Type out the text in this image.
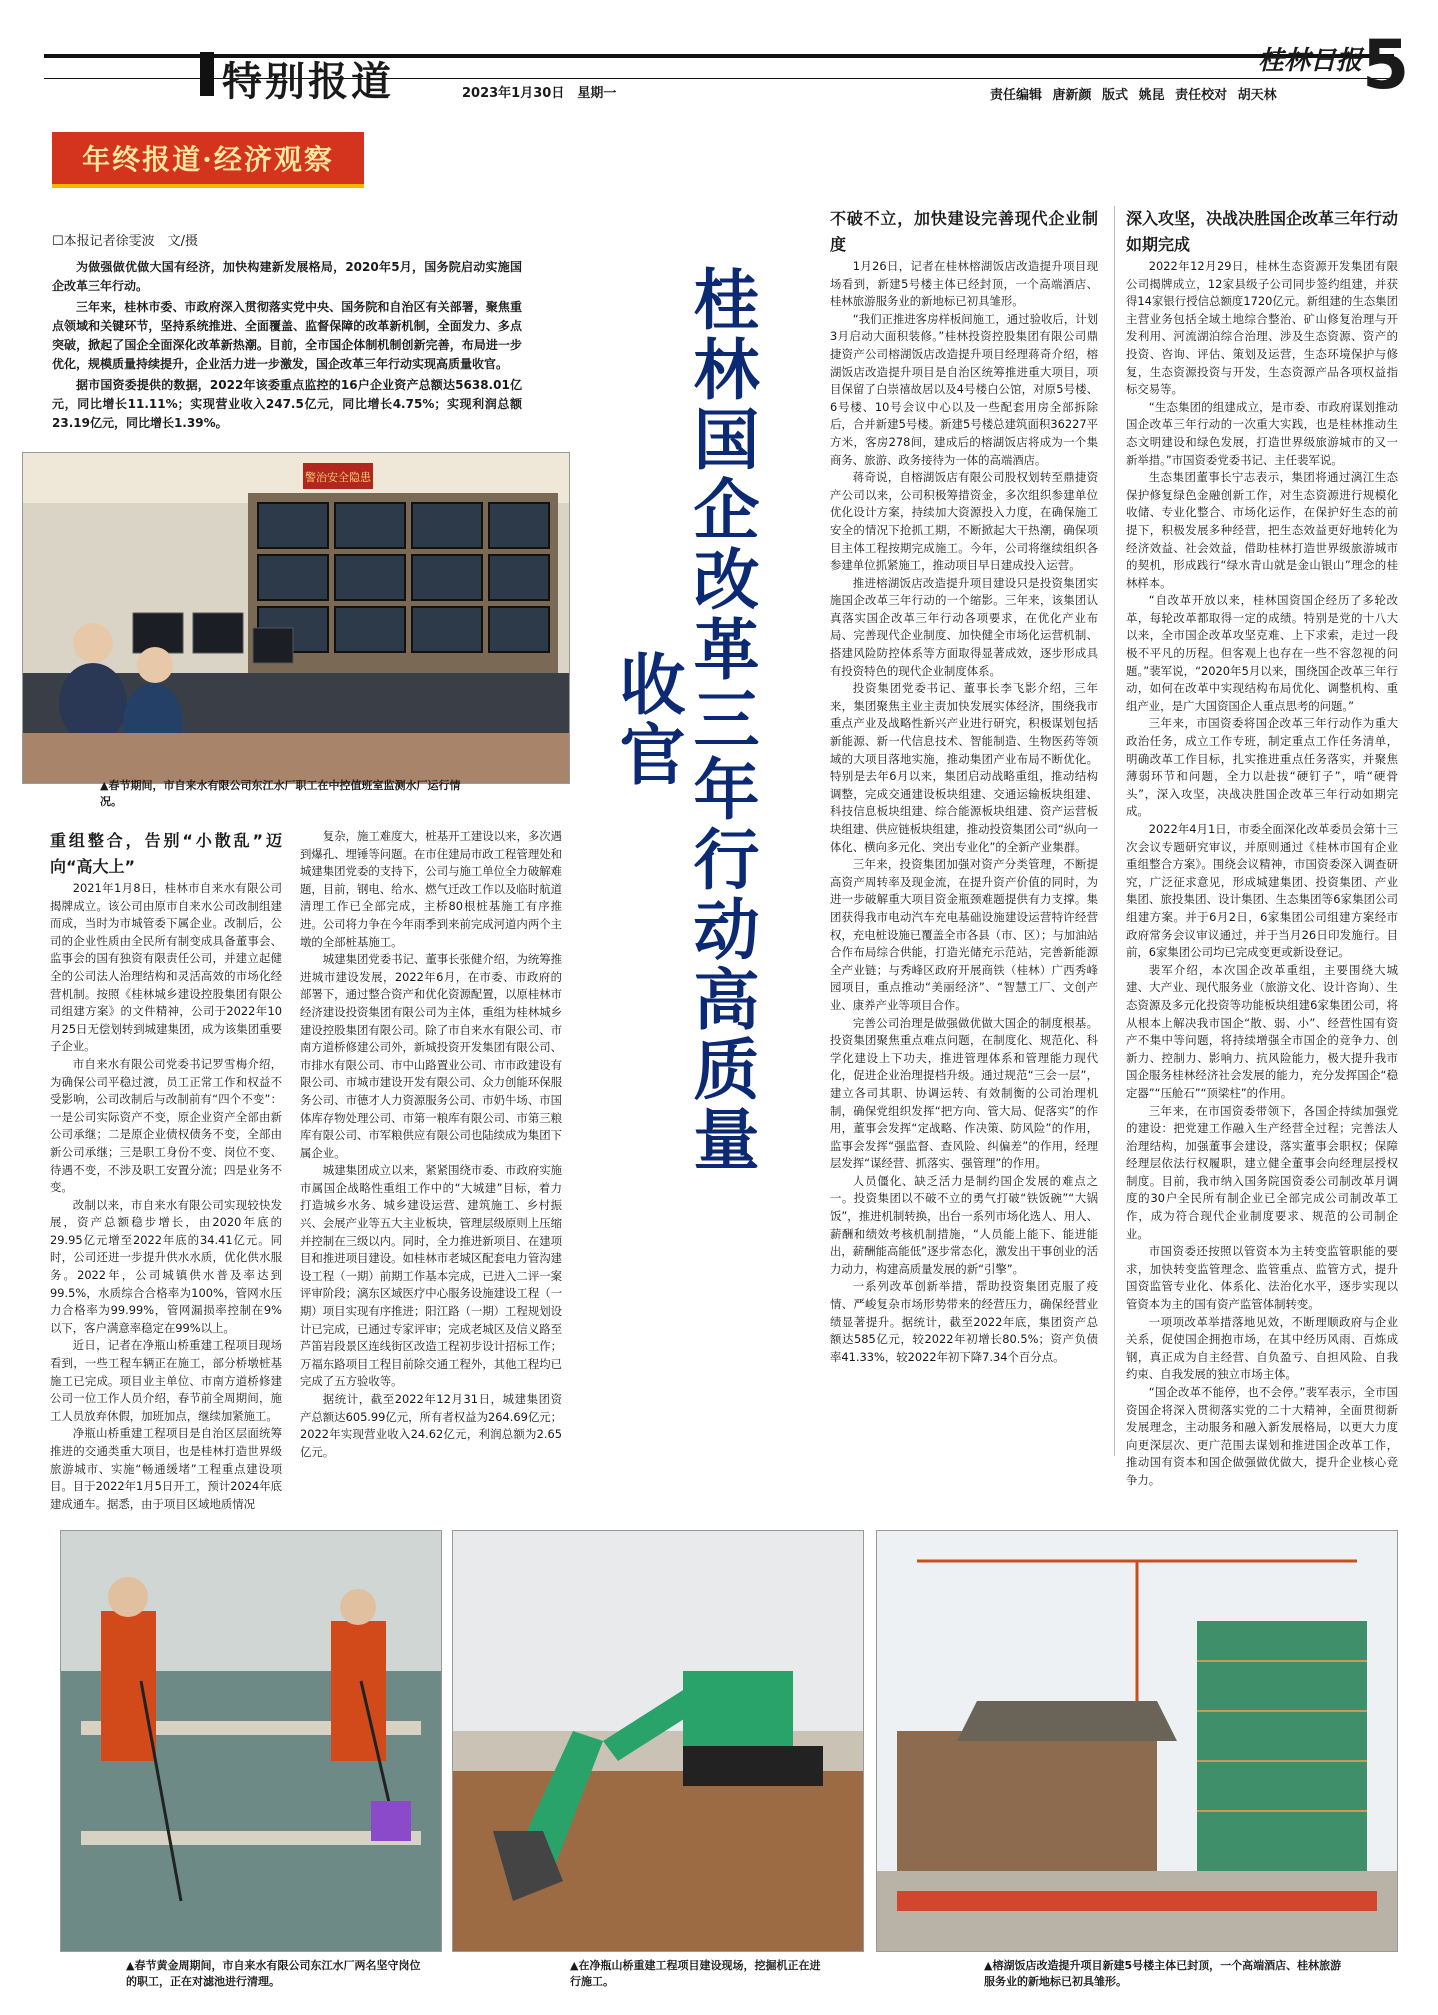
特别报道	2023年1月30日　星期一
桂林日报 5
责任编辑 唐新颜 版式 姚昆 责任校对 胡天林
年终报道·经济观察
☐本报记者徐雯波　文/摄

为做强做优做大国有经济，加快构建新发展格局，2020年5月，国务院启动实施国企改革三年行动。

三年来，桂林市委、市政府深入贯彻落实党中央、国务院和自治区有关部署，聚焦重点领域和关键环节，坚持系统推进、全面覆盖、监督保障的改革新机制，全面发力、多点突破，掀起了国企全面深化改革新热潮。目前，全市国企体制机制创新完善，布局进一步优化，规模质量持续提升，企业活力进一步激发，国企改革三年行动实现高质量收官。

据市国资委提供的数据，2022年该委重点监控的16户企业资产总额达5638.01亿元，同比增长11.11%；实现营业收入247.5亿元，同比增长4.75%；实现利润总额23.19亿元，同比增长1.39%。

警治安全隐患
▲春节期间，市自来水有限公司东江水厂职工在中控值班室监测水厂运行情况。

重组整合，告别“小散乱”迈向“高大上”

2021年1月8日，桂林市自来水有限公司揭牌成立。该公司由原市自来水公司改制组建而成，当时为市城管委下属企业。改制后，公司的企业性质由全民所有制变成具备董事会、监事会的国有独资有限责任公司，并建立起健全的公司法人治理结构和灵活高效的市场化经营机制。按照《桂林城乡建设控股集团有限公司组建方案》的文件精神，公司于2022年10月25日无偿划转到城建集团，成为该集团重要子企业。

市自来水有限公司党委书记罗雪梅介绍，为确保公司平稳过渡，员工正常工作和权益不受影响，公司改制后与改制前有“四个不变”：一是公司实际资产不变，原企业资产全部由新公司承继；二是原企业债权债务不变，全部由新公司承继；三是职工身份不变、岗位不变、待遇不变，不涉及职工安置分流；四是业务不变。

改制以来，市自来水有限公司实现较快发展，资产总额稳步增长，由2020年底的29.95亿元增至2022年底的34.41亿元。同时，公司还进一步提升供水水质，优化供水服务。2022年，公司城镇供水普及率达到99.5%，水质综合合格率为100%，管网水压力合格率为99.99%，管网漏损率控制在9%以下，客户满意率稳定在99%以上。

近日，记者在净瓶山桥重建工程项目现场看到，一些工程车辆正在施工，部分桥墩桩基施工已完成。项目业主单位、市南方道桥修建公司一位工作人员介绍，春节前全周期间，施工人员放弃休假，加班加点，继续加紧施工。

净瓶山桥重建工程项目是自治区层面统筹推进的交通类重大项目，也是桂林打造世界级旅游城市、实施“畅通缓堵”工程重点建设项目。目于2022年1月5日开工，预计2024年底建成通车。据悉，由于项目区域地质情况

复杂，施工难度大，桩基开工建设以来，多次遇到爆孔、埋锤等问题。在市住建局市政工程管理处和城建集团党委的支持下，公司与施工单位全力破解难题，目前，钢电、给水、燃气迁改工作以及临时航道清理工作已全部完成，主桥80根桩基施工有序推进。公司将力争在今年雨季到来前完成河道内两个主墩的全部桩基施工。

城建集团党委书记、董事长张健介绍，为统筹推进城市建设发展，2022年6月，在市委、市政府的部署下，通过整合资产和优化资源配置，以原桂林市经济建设投资集团有限公司为主体，重组为桂林城乡建设控股集团有限公司。除了市自来水有限公司、市南方道桥修建公司外，新城投资开发集团有限公司、市排水有限公司、市中山路置业公司、市市政建设有限公司、市城市建设开发有限公司、众力创能环保服务公司、市德才人力资源服务公司、市奶牛场、市国体库存物处理公司、市第一粮库有限公司、市第三粮库有限公司、市军粮供应有限公司也陆续成为集团下属企业。

城建集团成立以来，紧紧围绕市委、市政府实施市属国企战略性重组工作中的“大城建”目标，着力打造城乡水务、城乡建设运营、建筑施工、乡村振兴、会展产业等五大主业板块，管理层级原则上压缩并控制在三级以内。同时，全力推进新项目、在建项目和推进项目建设。如桂林市老城区配套电力管沟建设工程（一期）前期工作基本完成，已进入二评一案评审阶段；漓东区域医疗中心服务设施建设工程（一期）项目实现有序推进；阳江路（一期）工程规划设计已完成，已通过专家评审；完成老城区及信义路至芦笛岩段景区连线街区改造工程初步设计招标工作；万福东路项目工程目前除交通工程外，其他工程均已完成了五方验收等。

据统计，截至2022年12月31日，城建集团资产总额达605.99亿元，所有者权益为264.69亿元；2022年实现营业收入24.62亿元，利润总额为2.65亿元。

桂林国企改革三年行动高质量收官

不破不立，加快建设完善现代企业制度

1月26日，记者在桂林榕湖饭店改造提升项目现场看到，新建5号楼主体已经封顶，一个高端酒店、桂林旅游服务业的新地标已初具雏形。

“我们正推进客房样板间施工，通过验收后，计划3月启动大面积装修。”桂林投资控股集团有限公司鼎捷资产公司榕湖饭店改造提升项目经理蒋奇介绍，榕湖饭店改造提升项目是自治区统筹推进重大项目，项目保留了白崇禧故居以及4号楼白公馆，对原5号楼、6号楼、10号会议中心以及一些配套用房全部拆除后，合并新建5号楼。新建5号楼总建筑面积36227平方米，客房278间，建成后的榕湖饭店将成为一个集商务、旅游、政务接待为一体的高端酒店。

蒋奇说，自榕湖饭店有限公司股权划转至鼎捷资产公司以来，公司积极筹措资金，多次组织参建单位优化设计方案，持续加大资源投入力度，在确保施工安全的情况下抢抓工期，不断掀起大干热潮，确保项目主体工程按期完成施工。今年，公司将继续组织各参建单位抓紧施工，推动项目早日建成投入运营。

推进榕湖饭店改造提升项目建设只是投资集团实施国企改革三年行动的一个缩影。三年来，该集团认真落实国企改革三年行动各项要求，在优化产业布局、完善现代企业制度、加快健全市场化运营机制、搭建风险防控体系等方面取得显著成效，逐步形成具有投资特色的现代企业制度体系。

投资集团党委书记、董事长李飞影介绍，三年来，集团聚焦主业主责加快发展实体经济，围绕我市重点产业及战略性新兴产业进行研究，积极谋划包括新能源、新一代信息技术、智能制造、生物医药等领域的大项目落地实施，推动集团产业布局不断优化。特别是去年6月以来，集团启动战略重组，推动结构调整，完成交通建设板块组建、交通运输板块组建、科技信息板块组建、综合能源板块组建、资产运营板块组建、供应链板块组建，推动投资集团公司“纵向一体化、横向多元化、突出专业化”的全新产业集群。

三年来，投资集团加强对资产分类管理，不断提高资产周转率及现金流，在提升资产价值的同时，为进一步破解重大项目资金瓶颈难题提供有力支撑。集团获得我市电动汽车充电基础设施建设运营特许经营权，充电桩设施已覆盖全市各县（市、区）；与加油站合作布局综合供能，打造光储充示范站，完善新能源全产业链；与秀峰区政府开展商铁（桂林）广西秀峰园项目，重点推动“美丽经济”、“智慧工厂、文创产业、康养产业等项目合作。

完善公司治理是做强做优做大国企的制度根基。投资集团聚焦重点难点问题，在制度化、规范化、科学化建设上下功夫，推进管理体系和管理能力现代化，促进企业治理提档升级。通过规范“三会一层”，建立各司其职、协调运转、有效制衡的公司治理机制，确保党组织发挥“把方向、管大局、促落实”的作用，董事会发挥“定战略、作决策、防风险”的作用，监事会发挥“强监督、查风险、纠偏差”的作用，经理层发挥“谋经营、抓落实、强管理”的作用。

人员僵化、缺乏活力是制约国企发展的难点之一。投资集团以不破不立的勇气打破“铁饭碗”“大锅饭”，推进机制转换，出台一系列市场化选人、用人、薪酬和绩效考核机制措施，“人员能上能下、能进能出，薪酬能高能低”逐步常态化，激发出干事创业的活力动力，构建高质量发展的新“引擎”。

一系列改革创新举措，帮助投资集团克服了疫情、严峻复杂市场形势带来的经营压力，确保经营业绩显著提升。据统计，截至2022年底，集团资产总额达585亿元，较2022年初增长80.5%；资产负债率41.33%，较2022年初下降7.34个百分点。

深入攻坚，决战决胜国企改革三年行动如期完成

2022年12月29日，桂林生态资源开发集团有限公司揭牌成立，12家县级子公司同步签约组建，并获得14家银行授信总额度1720亿元。新组建的生态集团主营业务包括全域土地综合整治、矿山修复治理与开发利用、河流湖泊综合治理、涉及生态资源、资产的投资、咨询、评估、策划及运营，生态环境保护与修复，生态资源投资与开发，生态资源产品各项权益指标交易等。

“生态集团的组建成立，是市委、市政府谋划推动国企改革三年行动的一次重大实践，也是桂林推动生态文明建设和绿色发展，打造世界级旅游城市的又一新举措。”市国资委党委书记、主任裴军说。

生态集团董事长宁志表示，集团将通过漓江生态保护修复绿色金融创新工作，对生态资源进行规模化收储、专业化整合、市场化运作，在保护好生态的前提下，积极发展多种经营，把生态效益更好地转化为经济效益、社会效益，借助桂林打造世界级旅游城市的契机，形成践行“绿水青山就是金山银山”理念的桂林样本。

“自改革开放以来，桂林国资国企经历了多轮改革，每轮改革都取得一定的成绩。特别是党的十八大以来，全市国企改革攻坚克难、上下求索，走过一段极不平凡的历程。但客观上也存在一些不容忽视的问题。”裴军说，“2020年5月以来，围绕国企改革三年行动，如何在改革中实现结构布局优化、调整机构、重组产业，是广大国资国企人重点思考的问题。”

三年来，市国资委将国企改革三年行动作为重大政治任务，成立工作专班，制定重点工作任务清单，明确改革工作目标，扎实推进重点任务落实，并聚焦薄弱环节和问题，全力以赴拔“硬钉子”，啃“硬骨头”，深入攻坚，决战决胜国企改革三年行动如期完成。

2022年4月1日，市委全面深化改革委员会第十三次会议专题研究审议，并原则通过《桂林市国有企业重组整合方案》。围绕会议精神，市国资委深入调查研究，广泛征求意见，形成城建集团、投资集团、产业集团、旅投集团、设计集团、生态集团等6家集团公司组建方案。并于6月2日，6家集团公司组建方案经市政府常务会议审议通过，并于当月26日印发施行。目前，6家集团公司均已完成变更或新设登记。

裴军介绍，本次国企改革重组，主要围绕大城建、大产业、现代服务业（旅游文化、设计咨询）、生态资源及多元化投资等功能板块组建6家集团公司，将从根本上解决我市国企“散、弱、小”、经营性国有资产不集中等问题，将持续增强全市国企的竞争力、创新力、控制力、影响力、抗风险能力，极大提升我市国企服务桂林经济社会发展的能力，充分发挥国企“稳定器”“压舱石”“顶梁柱”的作用。

三年来，在市国资委带领下，各国企持续加强党的建设：把党建工作融入生产经营全过程；完善法人治理结构，加强董事会建设，落实董事会职权；保障经理层依法行权履职，建立健全董事会向经理层授权制度。目前，我市纳入国务院国资委公司制改革月调度的30户全民所有制企业已全部完成公司制改革工作，成为符合现代企业制度要求、规范的公司制企业。

市国资委还按照以管资本为主转变监管职能的要求，加快转变监管理念、监管重点、监管方式，提升国资监管专业化、体系化、法治化水平，逐步实现以管资本为主的国有资产监管体制转变。

一项项改革举措落地见效，不断理顺政府与企业关系，促使国企拥抱市场，在其中经历风雨、百炼成钢，真正成为自主经营、自负盈亏、自担风险、自我约束、自我发展的独立市场主体。

“国企改革不能停，也不会停。”裴军表示，全市国资国企将深入贯彻落实党的二十大精神，全面贯彻新发展理念，主动服务和融入新发展格局，以更大力度向更深层次、更广范围去谋划和推进国企改革工作，推动国有资本和国企做强做优做大，提升企业核心竞争力。

▲春节黄金周期间，市自来水有限公司东江水厂两名坚守岗位的职工，正在对滤池进行清理。
▲在净瓶山桥重建工程项目建设现场，挖掘机正在进行施工。
▲榕湖饭店改造提升项目新建5号楼主体已封顶，一个高端酒店、桂林旅游服务业的新地标已初具雏形。
